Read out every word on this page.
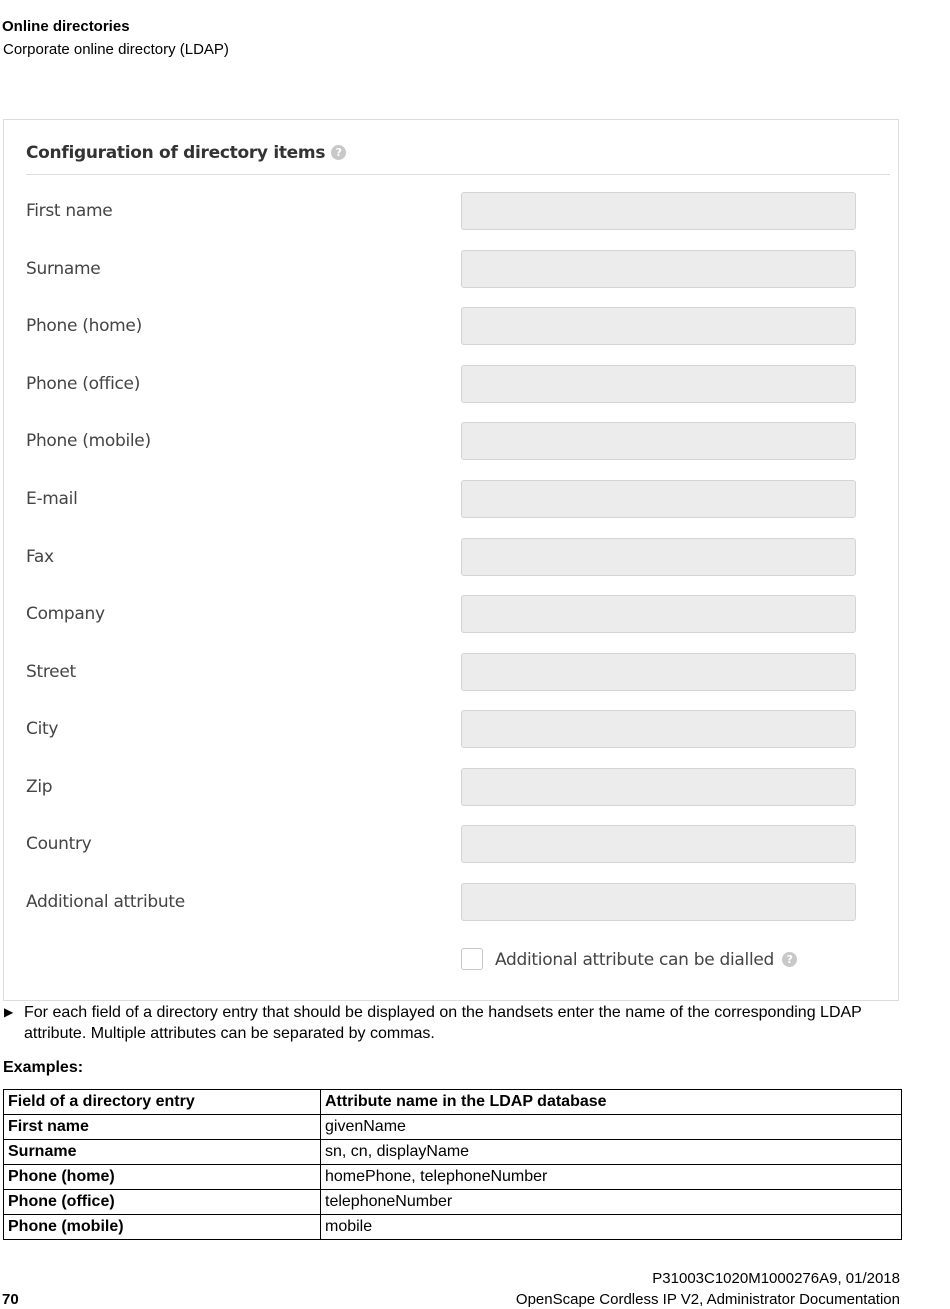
Online directories
Corporate online directory (LDAP)
Configuration of directory items ?
First name
Surname
Phone (home)
Phone (office)
Phone (mobile)
E-mail
Fax
Company
Street
City
Zip
Country
Additional attribute
Additional attribute can be dialled ?
▶ For each field of a directory entry that should be displayed on the handsets enter the name of the corresponding LDAP attribute. Multiple attributes can be separated by commas.
Examples:
Field of a directory entry	Attribute name in the LDAP database
First name	givenName
Surname	sn, cn, displayName
Phone (home)	homePhone, telephoneNumber
Phone (office)	telephoneNumber
Phone (mobile)	mobile
P31003C1020M1000276A9, 01/2018
OpenScape Cordless IP V2, Administrator Documentation
70
